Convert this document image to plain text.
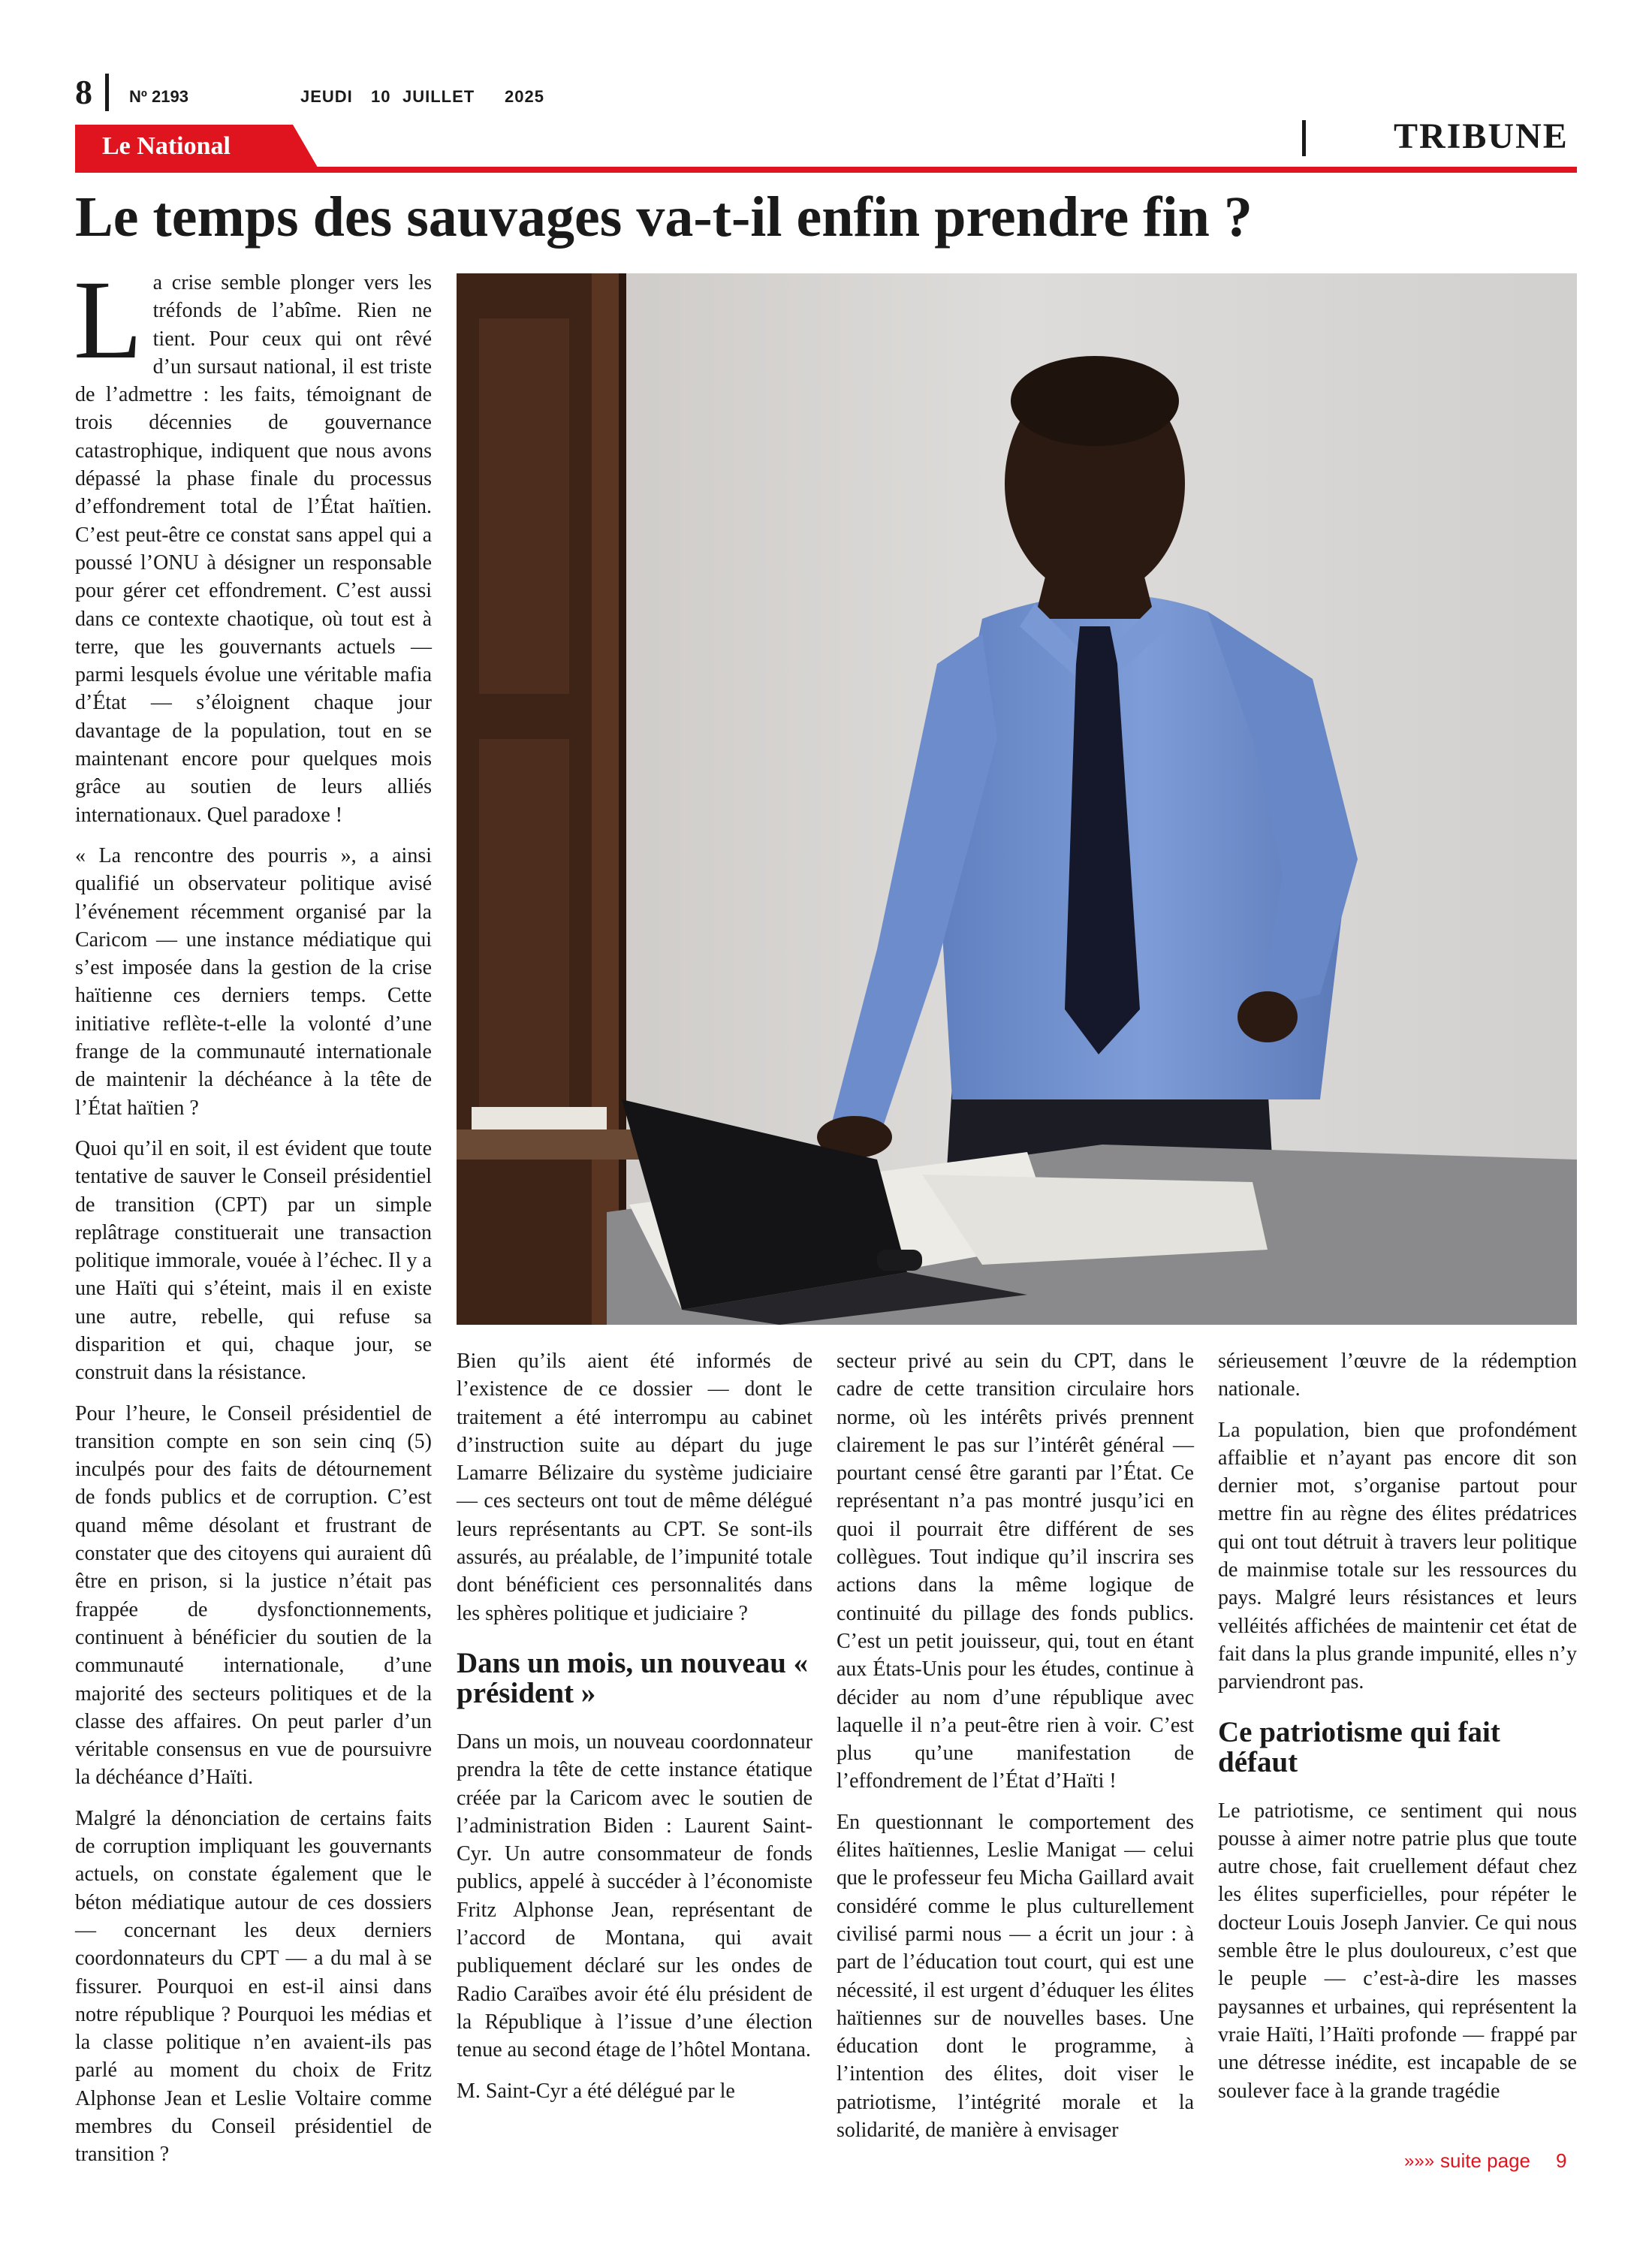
8 Nº 2193	JEUDI 10 JUILLET 2025
Le National	TRIBUNE
Le temps des sauvages va-t-il enfin prendre fin ?

La crise semble plonger vers les tréfonds de l’abîme. Rien ne tient. Pour ceux qui ont rêvé d’un sursaut national, il est triste de l’admettre : les faits, témoignant de trois décennies de gouvernance catastrophique, indiquent que nous avons dépassé la phase finale du processus d’effondrement total de l’État haïtien. C’est peut-être ce constat sans appel qui a poussé l’ONU à désigner un responsable pour gérer cet effondrement. C’est aussi dans ce contexte chaotique, où tout est à terre, que les gouvernants actuels — parmi lesquels évolue une véritable mafia d’État — s’éloignent chaque jour davantage de la population, tout en se maintenant encore pour quelques mois grâce au soutien de leurs alliés internationaux. Quel paradoxe !

« La rencontre des pourris », a ainsi qualifié un observateur politique avisé l’événement récemment organisé par la Caricom — une instance médiatique qui s’est imposée dans la gestion de la crise haïtienne ces derniers temps. Cette initiative reflète-t-elle la volonté d’une frange de la communauté internationale de maintenir la déchéance à la tête de l’État haïtien ?

Quoi qu’il en soit, il est évident que toute tentative de sauver le Conseil présidentiel de transition (CPT) par un simple replâtrage constituerait une transaction politique immorale, vouée à l’échec. Il y a une Haïti qui s’éteint, mais il en existe une autre, rebelle, qui refuse sa disparition et qui, chaque jour, se construit dans la résistance.

Pour l’heure, le Conseil présidentiel de transition compte en son sein cinq (5) inculpés pour des faits de détournement de fonds publics et de corruption. C’est quand même désolant et frustrant de constater que des citoyens qui auraient dû être en prison, si la justice n’était pas frappée de dysfonctionnements, continuent à bénéficier du soutien de la communauté internationale, d’une majorité des secteurs politiques et de la classe des affaires. On peut parler d’un véritable consensus en vue de poursuivre la déchéance d’Haïti.

Malgré la dénonciation de certains faits de corruption impliquant les gouvernants actuels, on constate également que le béton médiatique autour de ces dossiers — concernant les deux derniers coordonnateurs du CPT — a du mal à se fissurer. Pourquoi en est-il ainsi dans notre république ? Pourquoi les médias et la classe politique n’en avaient-ils pas parlé au moment du choix de Fritz Alphonse Jean et Leslie Voltaire comme membres du Conseil présidentiel de transition ?

Bien qu’ils aient été informés de l’existence de ce dossier — dont le traitement a été interrompu au cabinet d’instruction suite au départ du juge Lamarre Bélizaire du système judiciaire — ces secteurs ont tout de même délégué leurs représentants au CPT. Se sont-ils assurés, au préalable, de l’impunité totale dont bénéficient ces personnalités dans les sphères politique et judiciaire ?

Dans un mois, un nouveau « président »

Dans un mois, un nouveau coordonnateur prendra la tête de cette instance étatique créée par la Caricom avec le soutien de l’administration Biden : Laurent Saint-Cyr. Un autre consommateur de fonds publics, appelé à succéder à l’économiste Fritz Alphonse Jean, représentant de l’accord de Montana, qui avait publiquement déclaré sur les ondes de Radio Caraïbes avoir été élu président de la République à l’issue d’une élection tenue au second étage de l’hôtel Montana.

M. Saint-Cyr a été délégué par le

secteur privé au sein du CPT, dans le cadre de cette transition circulaire hors norme, où les intérêts privés prennent clairement le pas sur l’intérêt général — pourtant censé être garanti par l’État. Ce représentant n’a pas montré jusqu’ici en quoi il pourrait être différent de ses collègues. Tout indique qu’il inscrira ses actions dans la même logique de continuité du pillage des fonds publics. C’est un petit jouisseur, qui, tout en étant aux États-Unis pour les études, continue à décider au nom d’une république avec laquelle il n’a peut-être rien à voir. C’est plus qu’une manifestation de l’effondrement de l’État d’Haïti !

En questionnant le comportement des élites haïtiennes, Leslie Manigat — celui que le professeur feu Micha Gaillard avait considéré comme le plus culturellement civilisé parmi nous — a écrit un jour : à part de l’éducation tout court, qui est une nécessité, il est urgent d’éduquer les élites haïtiennes sur de nouvelles bases. Une éducation dont le programme, à l’intention des élites, doit viser le patriotisme, l’intégrité morale et la solidarité, de manière à envisager

sérieusement l’œuvre de la rédemption nationale.

La population, bien que profondément affaiblie et n’ayant pas encore dit son dernier mot, s’organise partout pour mettre fin au règne des élites prédatrices qui ont tout détruit à travers leur politique de mainmise totale sur les ressources du pays. Malgré leurs résistances et leurs velléités affichées de maintenir cet état de fait dans la plus grande impunité, elles n’y parviendront pas.

Ce patriotisme qui fait défaut

Le patriotisme, ce sentiment qui nous pousse à aimer notre patrie plus que toute autre chose, fait cruellement défaut chez les élites superficielles, pour répéter le docteur Louis Joseph Janvier. Ce qui nous semble être le plus douloureux, c’est que le peuple — c’est-à-dire les masses paysannes et urbaines, qui représentent la vraie Haïti, l’Haïti profonde — frappé par une détresse inédite, est incapable de se soulever face à la grande tragédie

»»» suite page 9
